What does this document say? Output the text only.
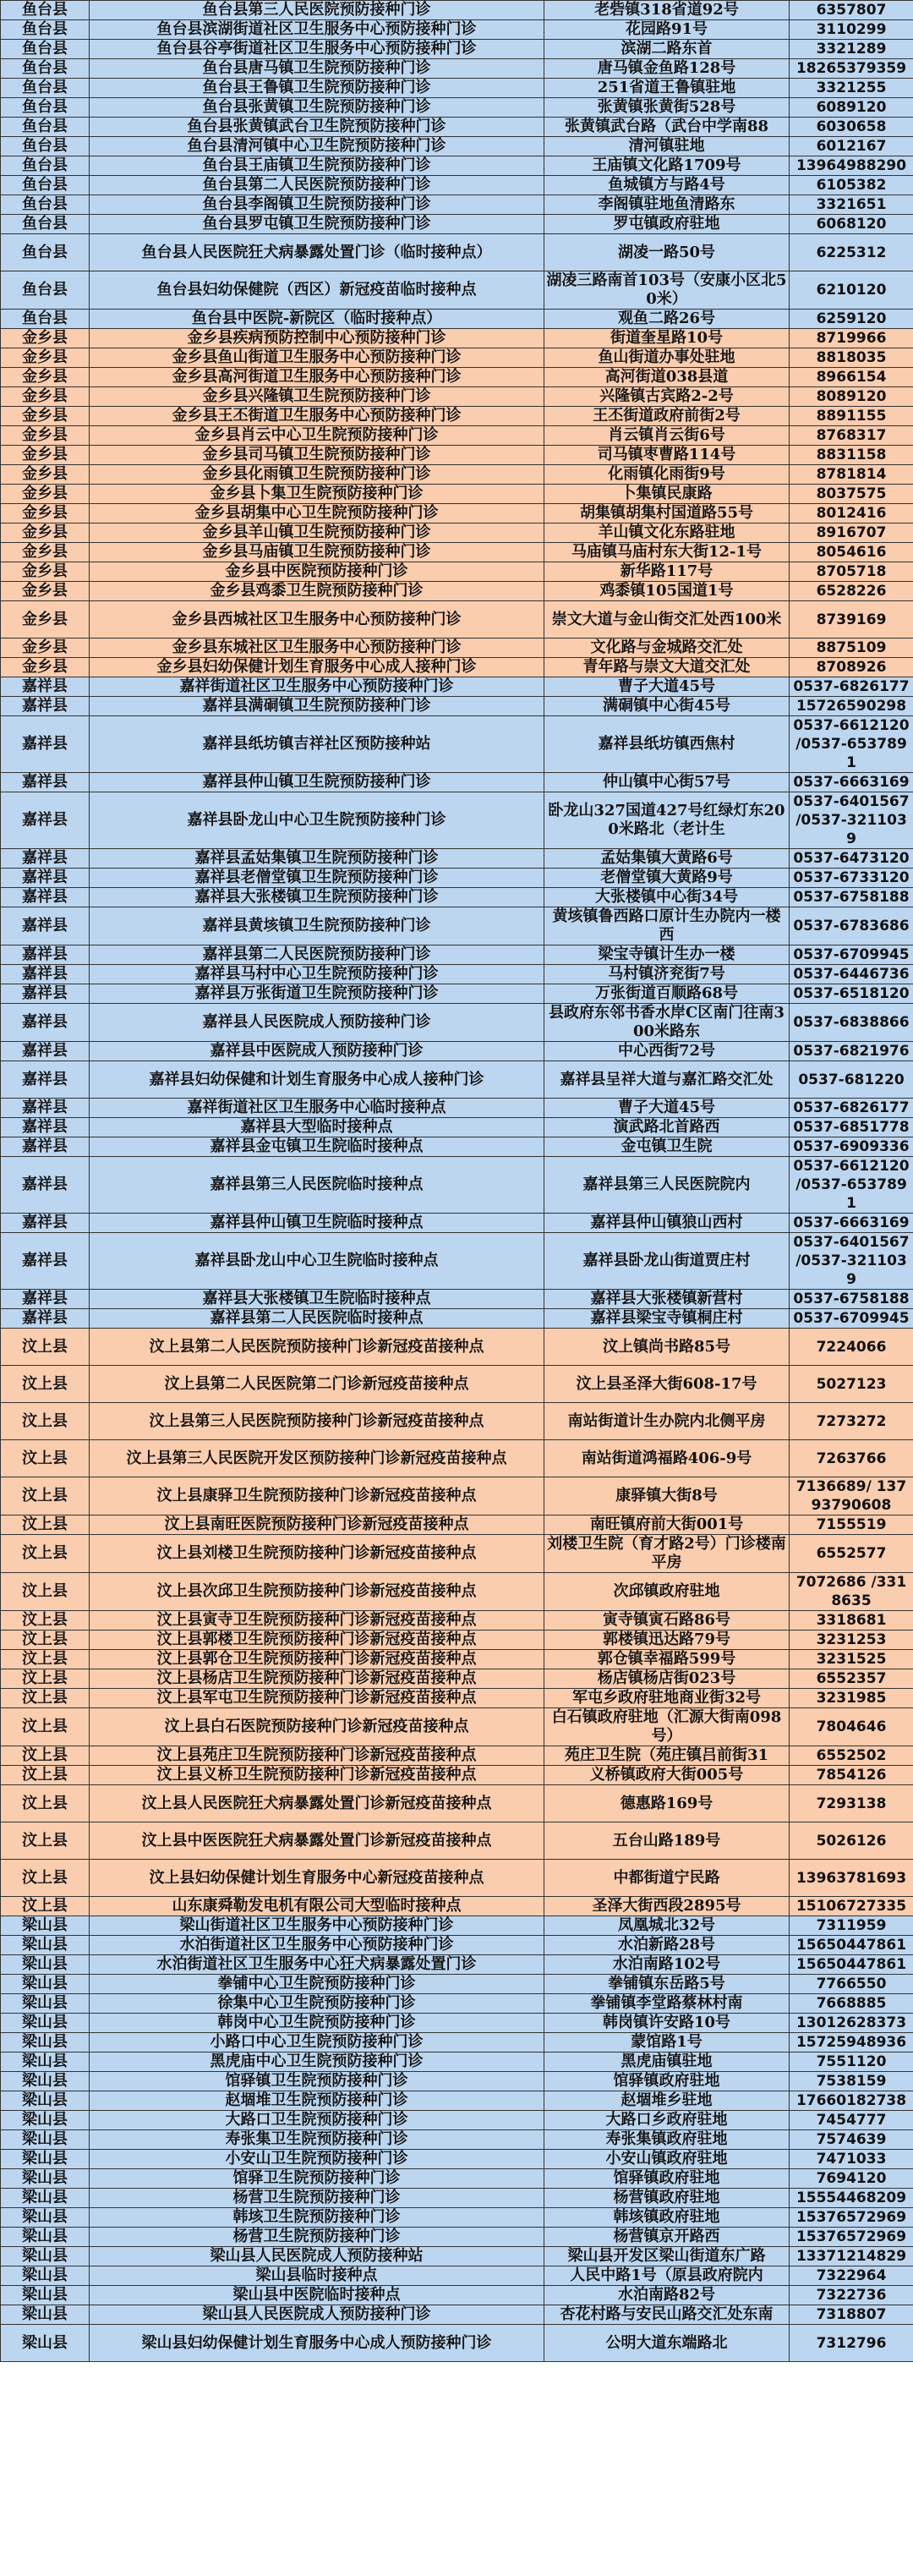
鱼台县	鱼台县第三人民医院预防接种门诊	老砦镇318省道92号	6357807
鱼台县	鱼台县滨湖街道社区卫生服务中心预防接种门诊	花园路91号	3110299
鱼台县	鱼台县谷亭街道社区卫生服务中心预防接种门诊	滨湖二路东首	3321289
鱼台县	鱼台县唐马镇卫生院预防接种门诊	唐马镇金鱼路128号	18265379359
鱼台县	鱼台县王鲁镇卫生院预防接种门诊	251省道王鲁镇驻地	3321255
鱼台县	鱼台县张黄镇卫生院预防接种门诊	张黄镇张黄街528号	6089120
鱼台县	鱼台县张黄镇武台卫生院预防接种门诊	张黄镇武台路（武台中学南88	6030658
鱼台县	鱼台县清河镇中心卫生院预防接种门诊	清河镇驻地	6012167
鱼台县	鱼台县王庙镇卫生院预防接种门诊	王庙镇文化路1709号	13964988290
鱼台县	鱼台县第二人民医院预防接种门诊	鱼城镇方与路4号	6105382
鱼台县	鱼台县李阁镇卫生院预防接种门诊	李阁镇驻地鱼清路东	3321651
鱼台县	鱼台县罗屯镇卫生院预防接种门诊	罗屯镇政府驻地	6068120
鱼台县	鱼台县人民医院狂犬病暴露处置门诊（临时接种点）	湖凌一路50号	6225312
鱼台县	鱼台县妇幼保健院（西区）新冠疫苗临时接种点	湖凌三路南首103号（安康小区北50米）	6210120
鱼台县	鱼台县中医院-新院区（临时接种点）	观鱼二路26号	6259120
金乡县	金乡县疾病预防控制中心预防接种门诊	街道奎星路10号	8719966
金乡县	金乡县鱼山街道卫生服务中心预防接种门诊	鱼山街道办事处驻地	8818035
金乡县	金乡县高河街道卫生服务中心预防接种门诊	高河街道038县道	8966154
金乡县	金乡县兴隆镇卫生院预防接种门诊	兴隆镇古宾路2-2号	8089120
金乡县	金乡县王丕街道卫生服务中心预防接种门诊	王丕街道政府前街2号	8891155
金乡县	金乡县肖云中心卫生院预防接种门诊	肖云镇肖云街6号	8768317
金乡县	金乡县司马镇卫生院预防接种门诊	司马镇枣曹路114号	8831158
金乡县	金乡县化雨镇卫生院预防接种门诊	化雨镇化雨街9号	8781814
金乡县	金乡县卜集卫生院预防接种门诊	卜集镇民康路	8037575
金乡县	金乡县胡集中心卫生院预防接种门诊	胡集镇胡集村国道路55号	8012416
金乡县	金乡县羊山镇卫生院预防接种门诊	羊山镇文化东路驻地	8916707
金乡县	金乡县马庙镇卫生院预防接种门诊	马庙镇马庙村东大街12-1号	8054616
金乡县	金乡县中医院预防接种门诊	新华路117号	8705718
金乡县	金乡县鸡黍卫生院预防接种门诊	鸡黍镇105国道1号	6528226
金乡县	金乡县西城社区卫生服务中心预防接种门诊	崇文大道与金山街交汇处西100米	8739169
金乡县	金乡县东城社区卫生服务中心预防接种门诊	文化路与金城路交汇处	8875109
金乡县	金乡县妇幼保健计划生育服务中心成人接种门诊	青年路与崇文大道交汇处	8708926
嘉祥县	嘉祥街道社区卫生服务中心预防接种门诊	曹子大道45号	0537-6826177
嘉祥县	嘉祥县满硐镇卫生院预防接种门诊	满硐镇中心街45号	15726590298
嘉祥县	嘉祥县纸坊镇吉祥社区预防接种站	嘉祥县纸坊镇西焦村	0537-6612120 /0537-6537891
嘉祥县	嘉祥县仲山镇卫生院预防接种门诊	仲山镇中心街57号	0537-6663169
嘉祥县	嘉祥县卧龙山中心卫生院预防接种门诊	卧龙山327国道427号红绿灯东200米路北（老计生	0537-6401567 /0537-3211039
嘉祥县	嘉祥县孟姑集镇卫生院预防接种门诊	孟姑集镇大黄路6号	0537-6473120
嘉祥县	嘉祥县老僧堂镇卫生院预防接种门诊	老僧堂镇大黄路9号	0537-6733120
嘉祥县	嘉祥县大张楼镇卫生院预防接种门诊	大张楼镇中心街34号	0537-6758188
嘉祥县	嘉祥县黄垓镇卫生院预防接种门诊	黄垓镇鲁西路口原计生办院内一楼西	0537-6783686
嘉祥县	嘉祥县第二人民医院预防接种门诊	梁宝寺镇计生办一楼	0537-6709945
嘉祥县	嘉祥县马村中心卫生院预防接种门诊	马村镇济兖街7号	0537-6446736
嘉祥县	嘉祥县万张街道卫生院预防接种门诊	万张街道百顺路68号	0537-6518120
嘉祥县	嘉祥县人民医院成人预防接种门诊	县政府东邻书香水岸C区南门往南300米路东	0537-6838866
嘉祥县	嘉祥县中医院成人预防接种门诊	中心西街72号	0537-6821976
嘉祥县	嘉祥县妇幼保健和计划生育服务中心成人接种门诊	嘉祥县呈祥大道与嘉汇路交汇处	0537-681220
嘉祥县	嘉祥街道社区卫生服务中心临时接种点	曹子大道45号	0537-6826177
嘉祥县	嘉祥县大型临时接种点	演武路北首路西	0537-6851778
嘉祥县	嘉祥县金屯镇卫生院临时接种点	金屯镇卫生院	0537-6909336
嘉祥县	嘉祥县第三人民医院临时接种点	嘉祥县第三人民医院院内	0537-6612120 /0537-6537891
嘉祥县	嘉祥县仲山镇卫生院临时接种点	嘉祥县仲山镇狼山西村	0537-6663169
嘉祥县	嘉祥县卧龙山中心卫生院临时接种点	嘉祥县卧龙山街道贾庄村	0537-6401567 /0537-3211039
嘉祥县	嘉祥县大张楼镇卫生院临时接种点	嘉祥县大张楼镇新营村	0537-6758188
嘉祥县	嘉祥县第二人民医院临时接种点	嘉祥县梁宝寺镇桐庄村	0537-6709945
汶上县	汶上县第二人民医院预防接种门诊新冠疫苗接种点	汶上镇尚书路85号	7224066
汶上县	汶上县第二人民医院第二门诊新冠疫苗接种点	汶上县圣泽大街608-17号	5027123
汶上县	汶上县第三人民医院预防接种门诊新冠疫苗接种点	南站街道计生办院内北侧平房	7273272
汶上县	汶上县第三人民医院开发区预防接种门诊新冠疫苗接种点	南站街道鸿福路406-9号	7263766
汶上县	汶上县康驿卫生院预防接种门诊新冠疫苗接种点	康驿镇大街8号	7136689/ 13793790608
汶上县	汶上县南旺医院预防接种门诊新冠疫苗接种点	南旺镇府前大街001号	7155519
汶上县	汶上县刘楼卫生院预防接种门诊新冠疫苗接种点	刘楼卫生院（育才路2号）门诊楼南平房	6552577
汶上县	汶上县次邱卫生院预防接种门诊新冠疫苗接种点	次邱镇政府驻地	7072686 /3318635
汶上县	汶上县寅寺卫生院预防接种门诊新冠疫苗接种点	寅寺镇寅石路86号	3318681
汶上县	汶上县郭楼卫生院预防接种门诊新冠疫苗接种点	郭楼镇迅达路79号	3231253
汶上县	汶上县郭仓卫生院预防接种门诊新冠疫苗接种点	郭仓镇幸福路599号	3231525
汶上县	汶上县杨店卫生院预防接种门诊新冠疫苗接种点	杨店镇杨店街023号	6552357
汶上县	汶上县军屯卫生院预防接种门诊新冠疫苗接种点	军屯乡政府驻地商业街32号	3231985
汶上县	汶上县白石医院预防接种门诊新冠疫苗接种点	白石镇政府驻地（汇源大街南098号）	7804646
汶上县	汶上县苑庄卫生院预防接种门诊新冠疫苗接种点	苑庄卫生院（苑庄镇吕前街31	6552502
汶上县	汶上县义桥卫生院预防接种门诊新冠疫苗接种点	义桥镇政府大街005号	7854126
汶上县	汶上县人民医院狂犬病暴露处置门诊新冠疫苗接种点	德惠路169号	7293138
汶上县	汶上县中医医院狂犬病暴露处置门诊新冠疫苗接种点	五台山路189号	5026126
汶上县	汶上县妇幼保健计划生育服务中心新冠疫苗接种点	中都街道宁民路	13963781693
汶上县	山东康舜勒发电机有限公司大型临时接种点	圣泽大街西段2895号	15106727335
梁山县	梁山街道社区卫生服务中心预防接种门诊	凤凰城北32号	7311959
梁山县	水泊街道社区卫生服务中心预防接种门诊	水泊新路28号	15650447861
梁山县	水泊街道社区卫生服务中心狂犬病暴露处置门诊	水泊南路102号	15650447861
梁山县	拳铺中心卫生院预防接种门诊	拳铺镇东岳路5号	7766550
梁山县	徐集中心卫生院预防接种门诊	拳铺镇李堂路蔡林村南	7668885
梁山县	韩岗中心卫生院预防接种门诊	韩岗镇许安路10号	13012628373
梁山县	小路口中心卫生院预防接种门诊	蒙馆路1号	15725948936
梁山县	黑虎庙中心卫生院预防接种门诊	黑虎庙镇驻地	7551120
梁山县	馆驿镇卫生院预防接种门诊	馆驿镇政府驻地	7538159
梁山县	赵堌堆卫生院预防接种门诊	赵堌堆乡驻地	17660182738
梁山县	大路口卫生院预防接种门诊	大路口乡政府驻地	7454777
梁山县	寿张集卫生院预防接种门诊	寿张集镇政府驻地	7574639
梁山县	小安山卫生院预防接种门诊	小安山镇政府驻地	7471033
梁山县	馆驿卫生院预防接种门诊	馆驿镇政府驻地	7694120
梁山县	杨营卫生院预防接种门诊	杨营镇政府驻地	15554468209
梁山县	韩垓卫生院预防接种门诊	韩垓镇政府驻地	15376572969
梁山县	杨营卫生院预防接种门诊	杨营镇京开路西	15376572969
梁山县	梁山县人民医院成人预防接种站	梁山县开发区梁山街道东广路	13371214829
梁山县	梁山县临时接种点	人民中路1号（原县政府院内	7322964
梁山县	梁山县中医院临时接种点	水泊南路82号	7322736
梁山县	梁山县人民医院成人预防接种门诊	杏花村路与安民山路交汇处东南	7318807
梁山县	梁山县妇幼保健计划生育服务中心成人预防接种门诊	公明大道东端路北	7312796
